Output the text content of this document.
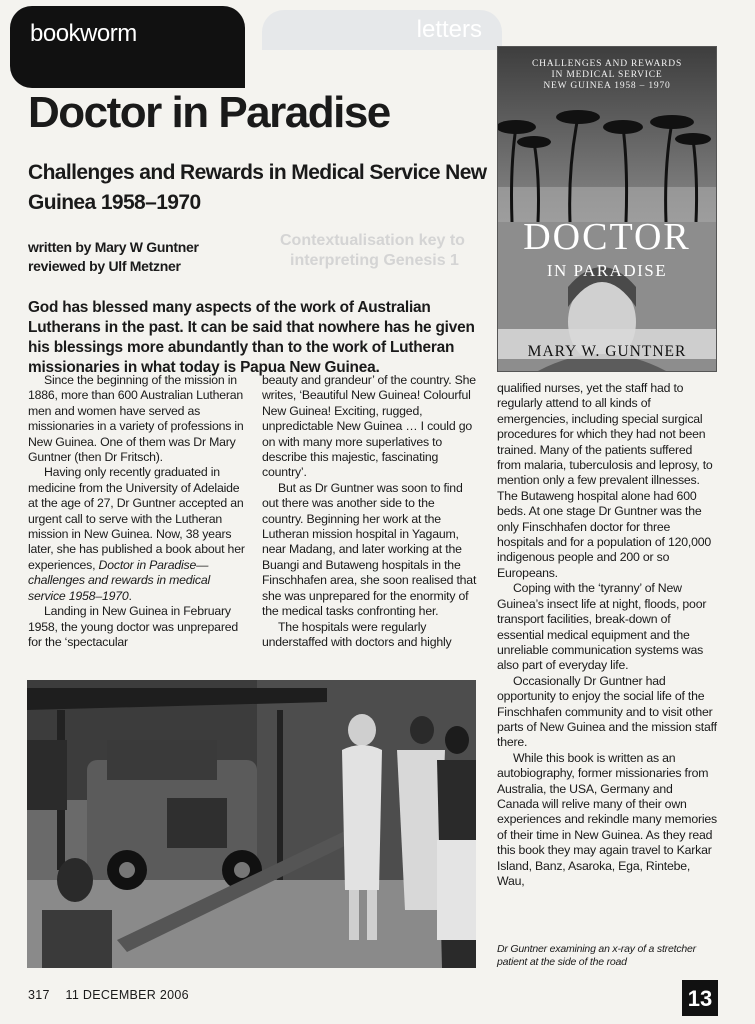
letters
Contextualisation key to
interpreting Genesis 1
bookworm
Doctor in Paradise
Challenges and Rewards in Medical Service New Guinea 1958–1970
written by Mary W Guntner
reviewed by Ulf Metzner

God has blessed many aspects of the work of Australian Lutherans in the past. It can be said that nowhere has he given his blessings more abundantly than to the work of Lutheran missionaries in what today is Papua New Guinea.

Since the beginning of the mission in 1886, more than 600 Australian Lutheran men and women have served as missionaries in a variety of professions in New Guinea. One of them was Dr Mary Guntner (then Dr Fritsch).

Having only recently graduated in medicine from the University of Adelaide at the age of 27, Dr Guntner accepted an urgent call to serve with the Lutheran mission in New Guinea. Now, 38 years later, she has published a book about her experiences, Doctor in Paradise—challenges and rewards in medical service 1958–1970.

Landing in New Guinea in February 1958, the young doctor was unprepared for the ‘spectacular

beauty and grandeur’ of the country. She writes, ‘Beautiful New Guinea! Colourful New Guinea! Exciting, rugged, unpredictable New Guinea … I could go on with many more superlatives to describe this majestic, fascinating country’.

But as Dr Guntner was soon to find out there was another side to the country. Beginning her work at the Lutheran mission hospital in Yagaum, near Madang, and later working at the Buangi and Butaweng hospitals in the Finschhafen area, she soon realised that she was unprepared for the enormity of the medical tasks confronting her.

The hospitals were regularly understaffed with doctors and highly

CHALLENGES AND REWARDS
IN MEDICAL SERVICE
NEW GUINEA 1958 – 1970
DOCTOR
IN PARADISE
MARY W. GUNTNER

qualified nurses, yet the staff had to regularly attend to all kinds of emergencies, including special surgical procedures for which they had not been trained. Many of the patients suffered from malaria, tuberculosis and leprosy, to mention only a few prevalent illnesses. The Butaweng hospital alone had 600 beds. At one stage Dr Guntner was the only Finschhafen doctor for three hospitals and for a population of 120,000 indigenous people and 200 or so Europeans.

Coping with the ‘tyranny’ of New Guinea’s insect life at night, floods, poor transport facilities, break-down of essential medical equipment and the unreliable communication systems was also part of everyday life.

Occasionally Dr Guntner had opportunity to enjoy the social life of the Finschhafen community and to visit other parts of New Guinea and the mission staff there.

While this book is written as an autobiography, former missionaries from Australia, the USA, Germany and Canada will relive many of their own experiences and rekindle many memories of their time in New Guinea. As they read this book they may again travel to Karkar Island, Banz, Asaroka, Ega, Rintebe, Wau,

Dr Guntner examining an x-ray of a stretcher patient at the side of the road
317 11 DECEMBER 2006	13
